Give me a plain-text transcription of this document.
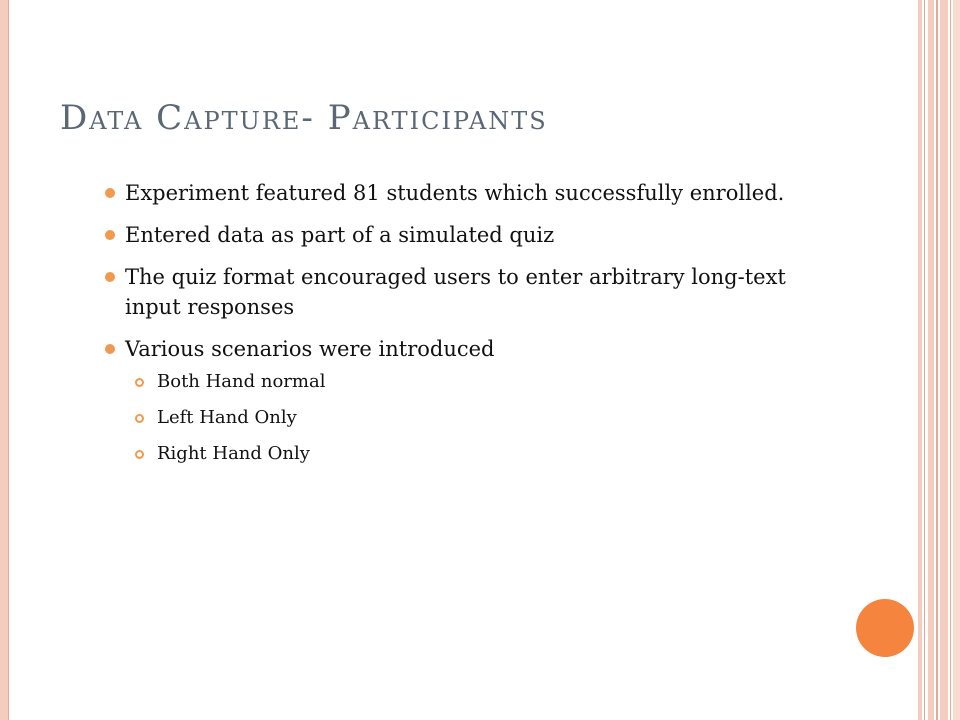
Data Capture- Participants
Experiment featured 81 students which successfully enrolled.
Entered data as part of a simulated quiz
The quiz format encouraged users to enter arbitrary long-text input responses
Various scenarios were introduced
Both Hand normal
Left Hand Only
Right Hand Only
